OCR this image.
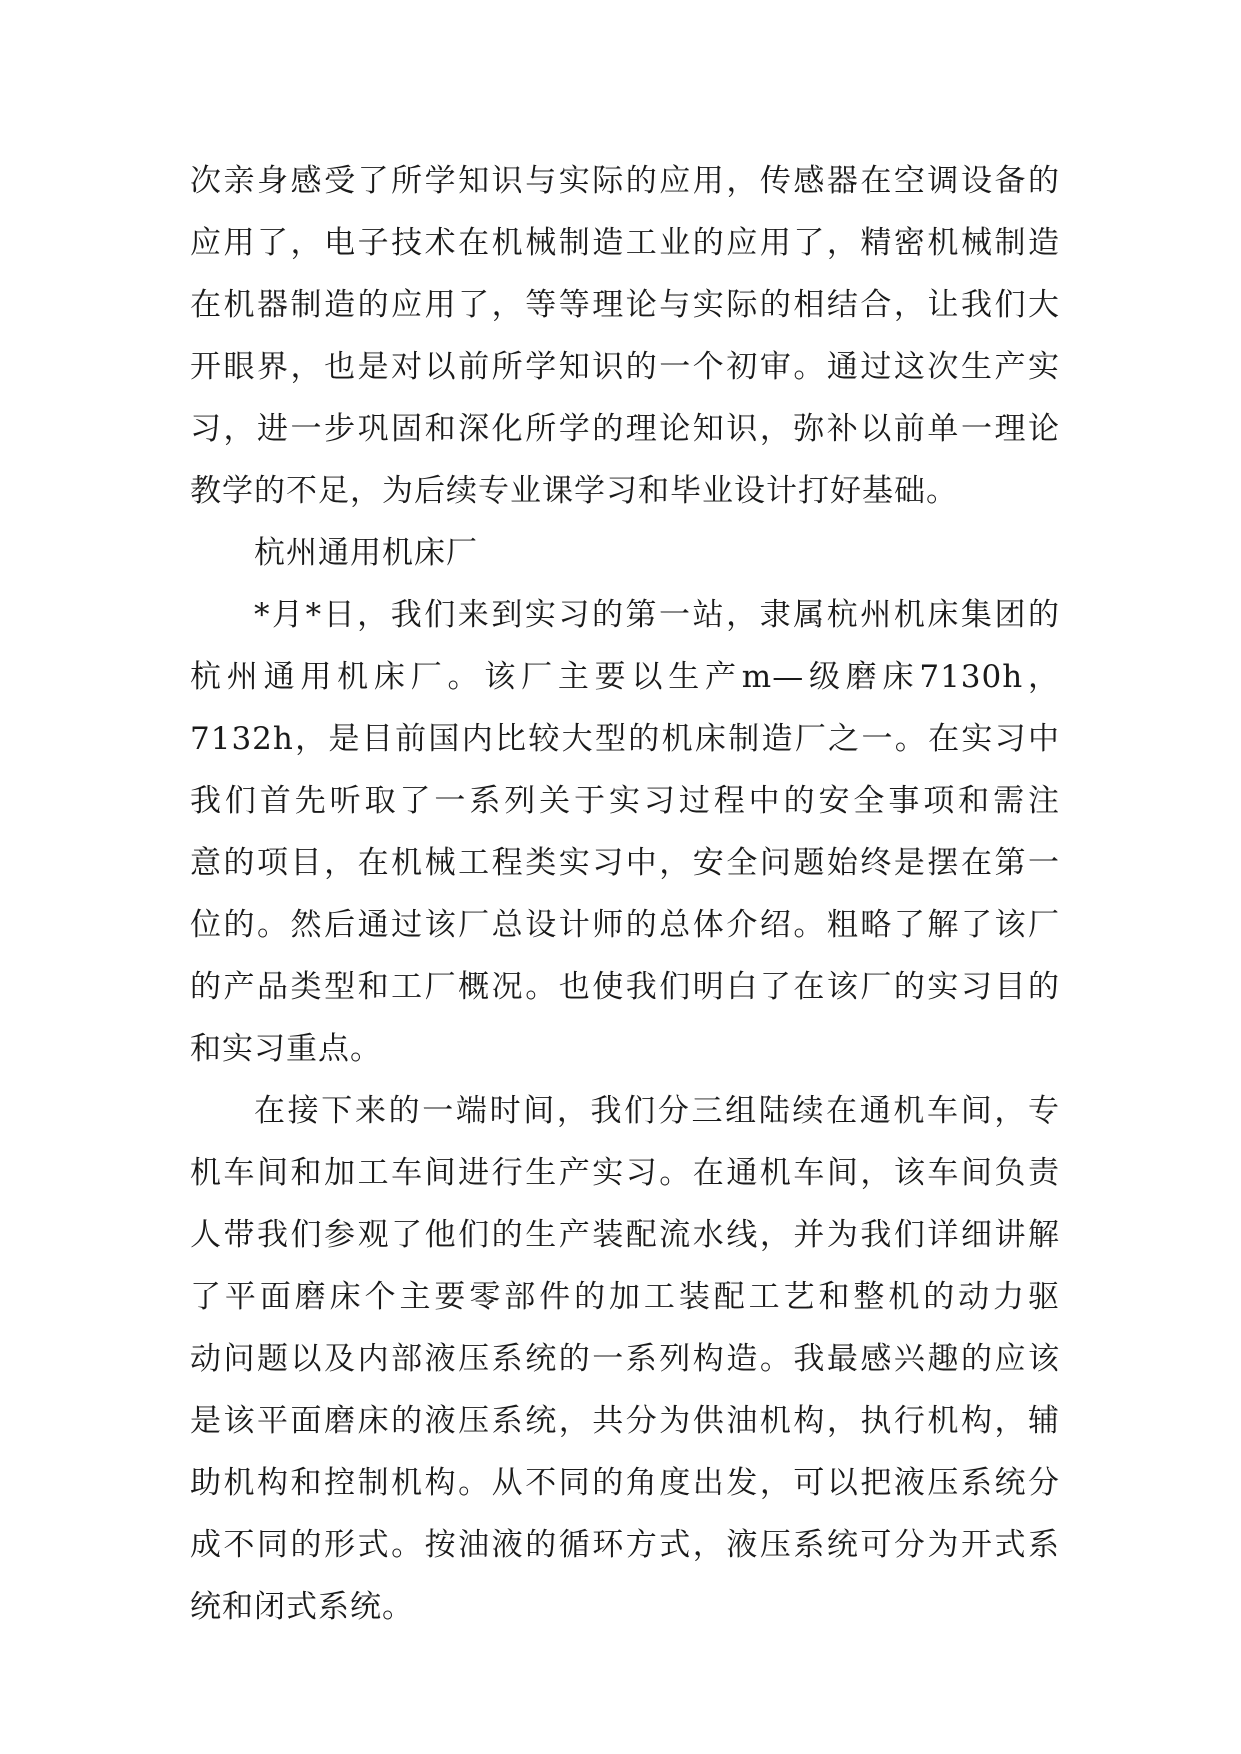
次亲身感受了所学知识与实际的应用，传感器在空调设备的
应用了，电子技术在机械制造工业的应用了，精密机械制造
在机器制造的应用了，等等理论与实际的相结合，让我们大
开眼界，也是对以前所学知识的一个初审。通过这次生产实
习，进一步巩固和深化所学的理论知识，弥补以前单一理论
教学的不足，为后续专业课学习和毕业设计打好基础。
杭州通用机床厂
*月*日，我们来到实习的第一站，隶属杭州机床集团的
杭州通用机床厂。该厂主要以生产m—级磨床7130h，
7132h，是目前国内比较大型的机床制造厂之一。在实习中
我们首先听取了一系列关于实习过程中的安全事项和需注
意的项目，在机械工程类实习中，安全问题始终是摆在第一
位的。然后通过该厂总设计师的总体介绍。粗略了解了该厂
的产品类型和工厂概况。也使我们明白了在该厂的实习目的
和实习重点。
在接下来的一端时间，我们分三组陆续在通机车间，专
机车间和加工车间进行生产实习。在通机车间，该车间负责
人带我们参观了他们的生产装配流水线，并为我们详细讲解
了平面磨床个主要零部件的加工装配工艺和整机的动力驱
动问题以及内部液压系统的一系列构造。我最感兴趣的应该
是该平面磨床的液压系统，共分为供油机构，执行机构，辅
助机构和控制机构。从不同的角度出发，可以把液压系统分
成不同的形式。按油液的循环方式，液压系统可分为开式系
统和闭式系统。
